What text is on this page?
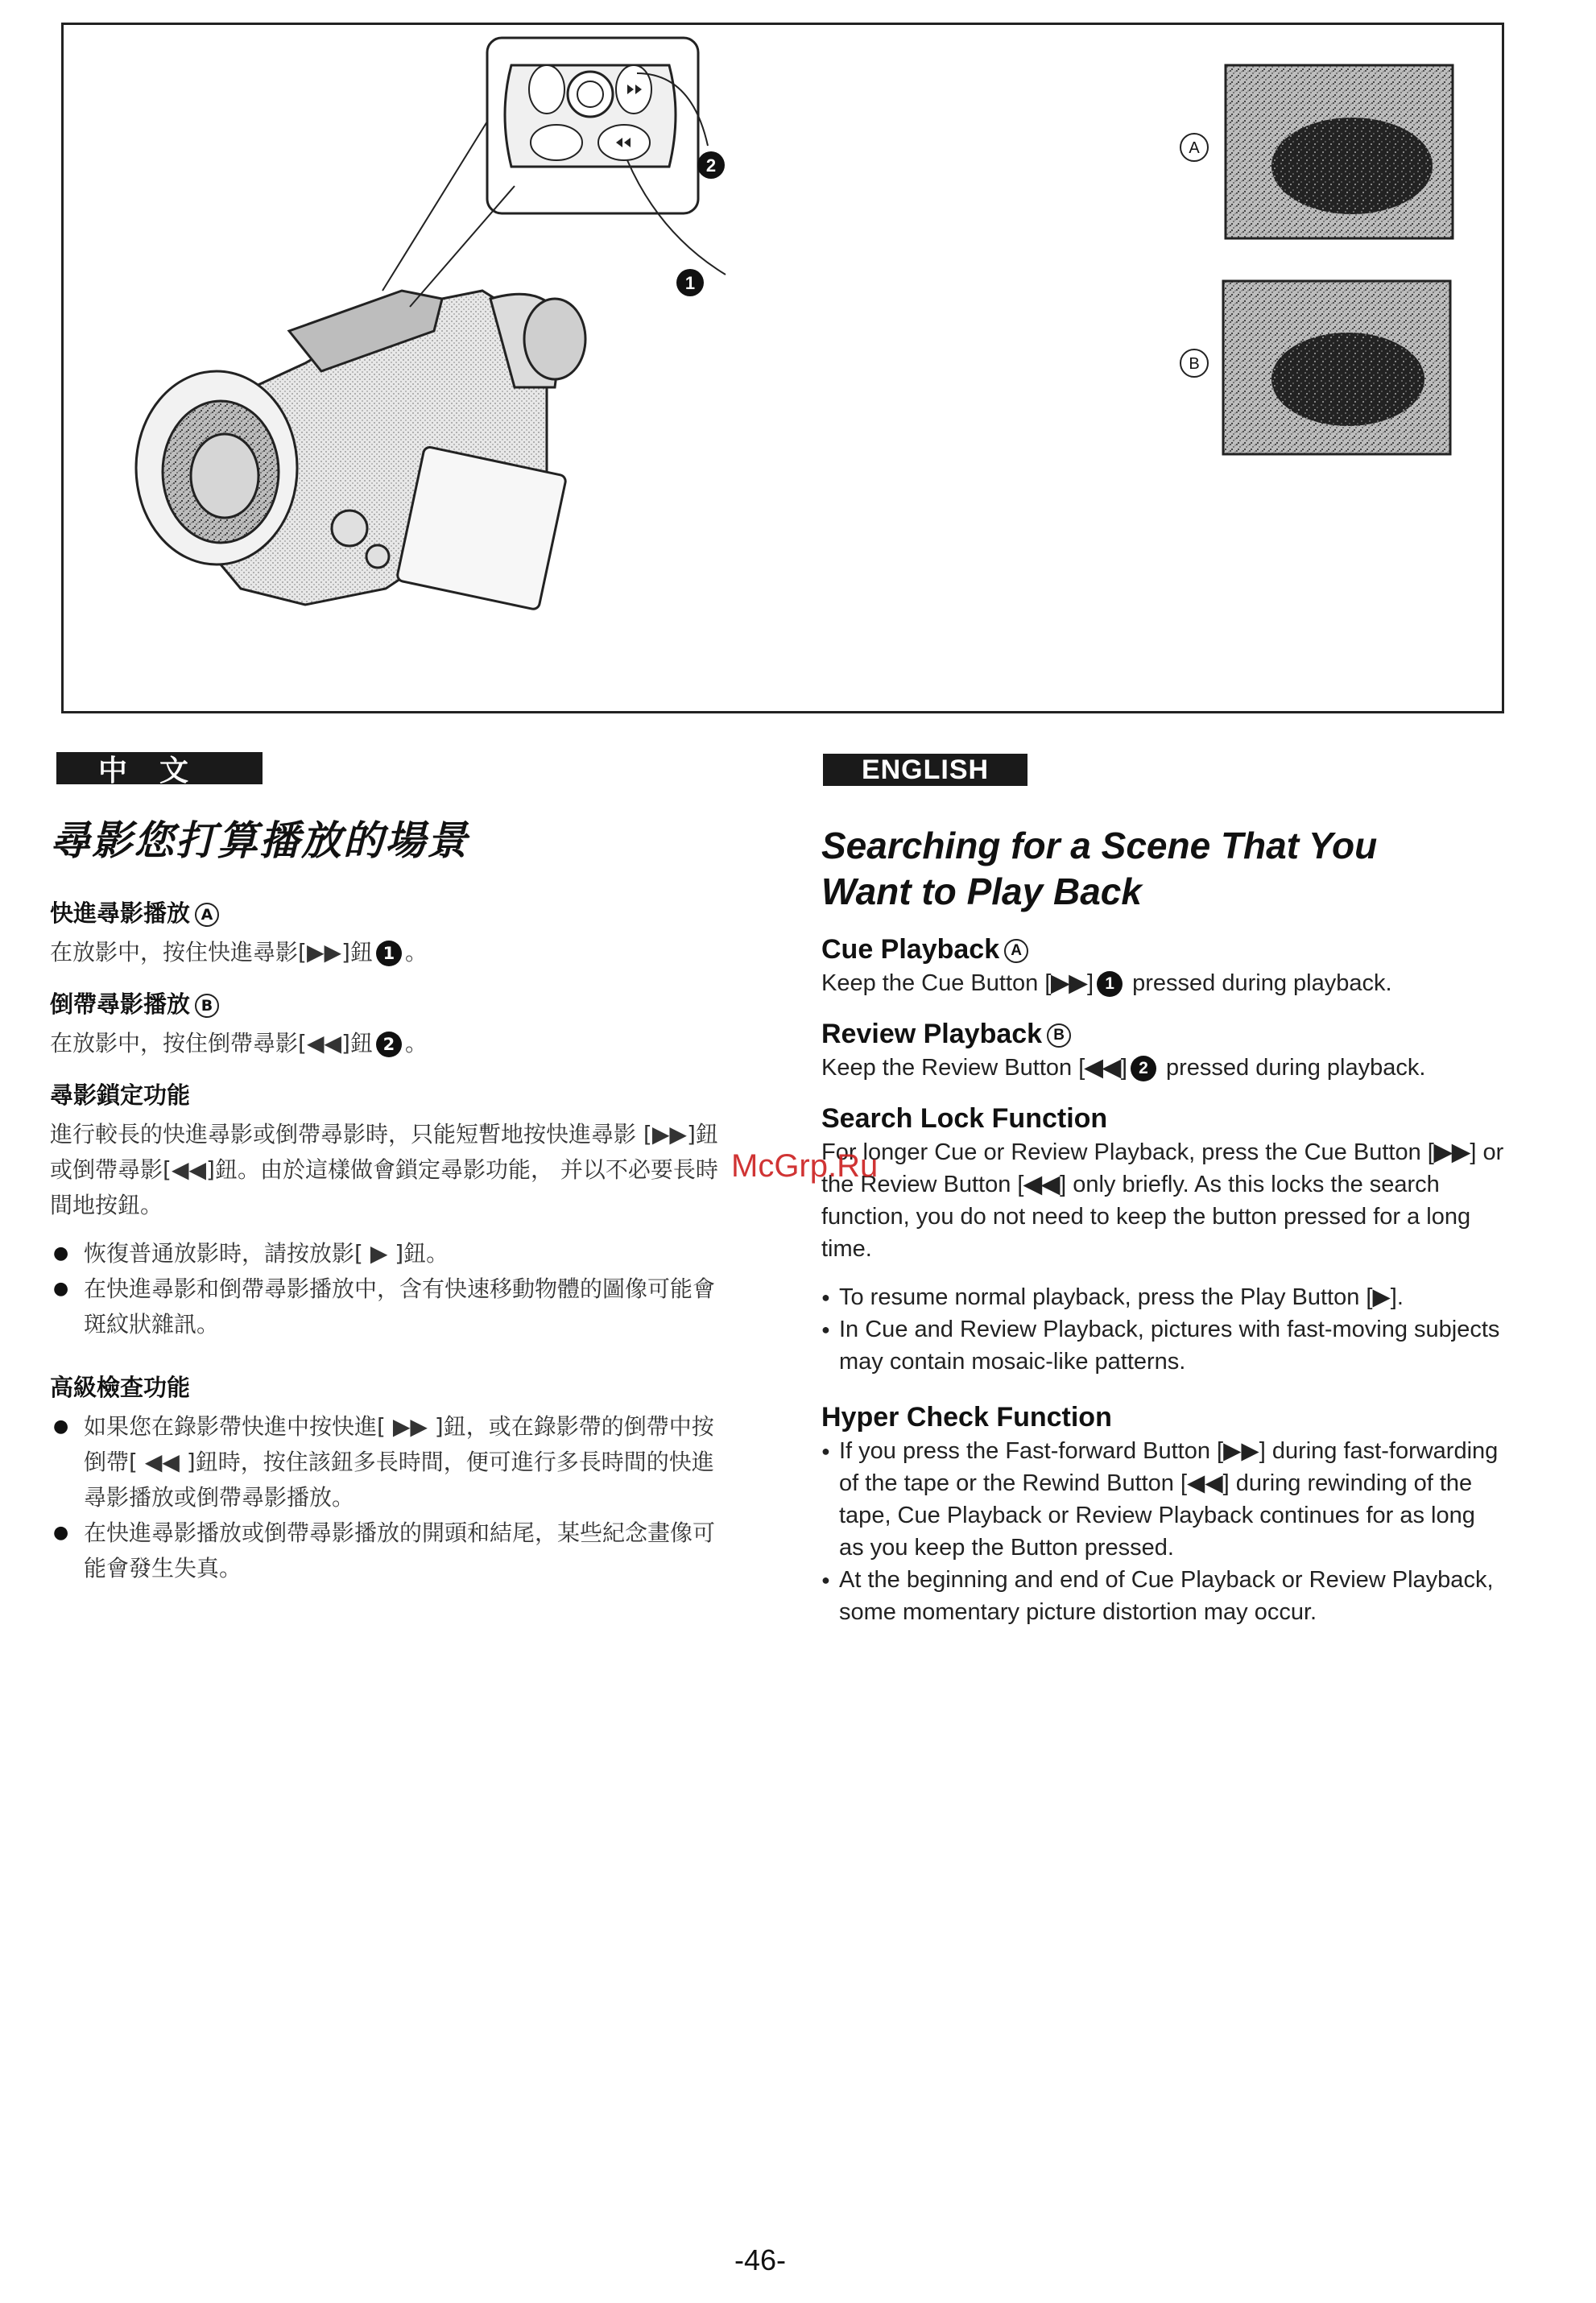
2
1
A
B
中文	ENGLISH
尋影您打算播放的場景
快進尋影播放 A

在放影中，按住快進尋影[▶▶]鈕 1 。

倒帶尋影播放 B

在放影中，按住倒帶尋影[◀◀]鈕 2 。

尋影鎖定功能

進行較長的快進尋影或倒帶尋影時，只能短暫地按快進尋影 [▶▶]鈕或倒帶尋影[◀◀]鈕。由於這樣做會鎖定尋影功能， 并以不必要長時間地按鈕。

● 恢復普通放影時，請按放影[ ▶ ]鈕。
● 在快進尋影和倒帶尋影播放中，含有快速移動物體的圖像可能會斑紋狀雜訊。
高級檢查功能
● 如果您在錄影帶快進中按快進[ ▶▶ ]鈕，或在錄影帶的倒帶中按倒帶[ ◀◀ ]鈕時，按住該鈕多長時間，便可進行多長時間的快進尋影播放或倒帶尋影播放。
● 在快進尋影播放或倒帶尋影播放的開頭和結尾，某些紀念畫像可能會發生失真。
Searching for a Scene That You
Want to Play Back
Cue Playback A

Keep the Cue Button [▶▶] 1 pressed during playback.

Review Playback B

Keep the Review Button [◀◀] 2 pressed during playback.

Search Lock Function

For longer Cue or Review Playback, press the Cue Button [▶▶] or the Review Button [◀◀] only briefly. As this locks the search function, you do not need to keep the button pressed for a long time.

● To resume normal playback, press the Play Button [▶].
● In Cue and Review Playback, pictures with fast-moving subjects may contain mosaic-like patterns.
Hyper Check Function
● If you press the Fast-forward Button [▶▶] during fast-forwarding of the tape or the Rewind Button [◀◀] during rewinding of the tape, Cue Playback or Review Playback continues for as long as you keep the Button pressed.
● At the beginning and end of Cue Playback or Review Playback, some momentary picture distortion may occur.
McGrp.Ru
-46-
